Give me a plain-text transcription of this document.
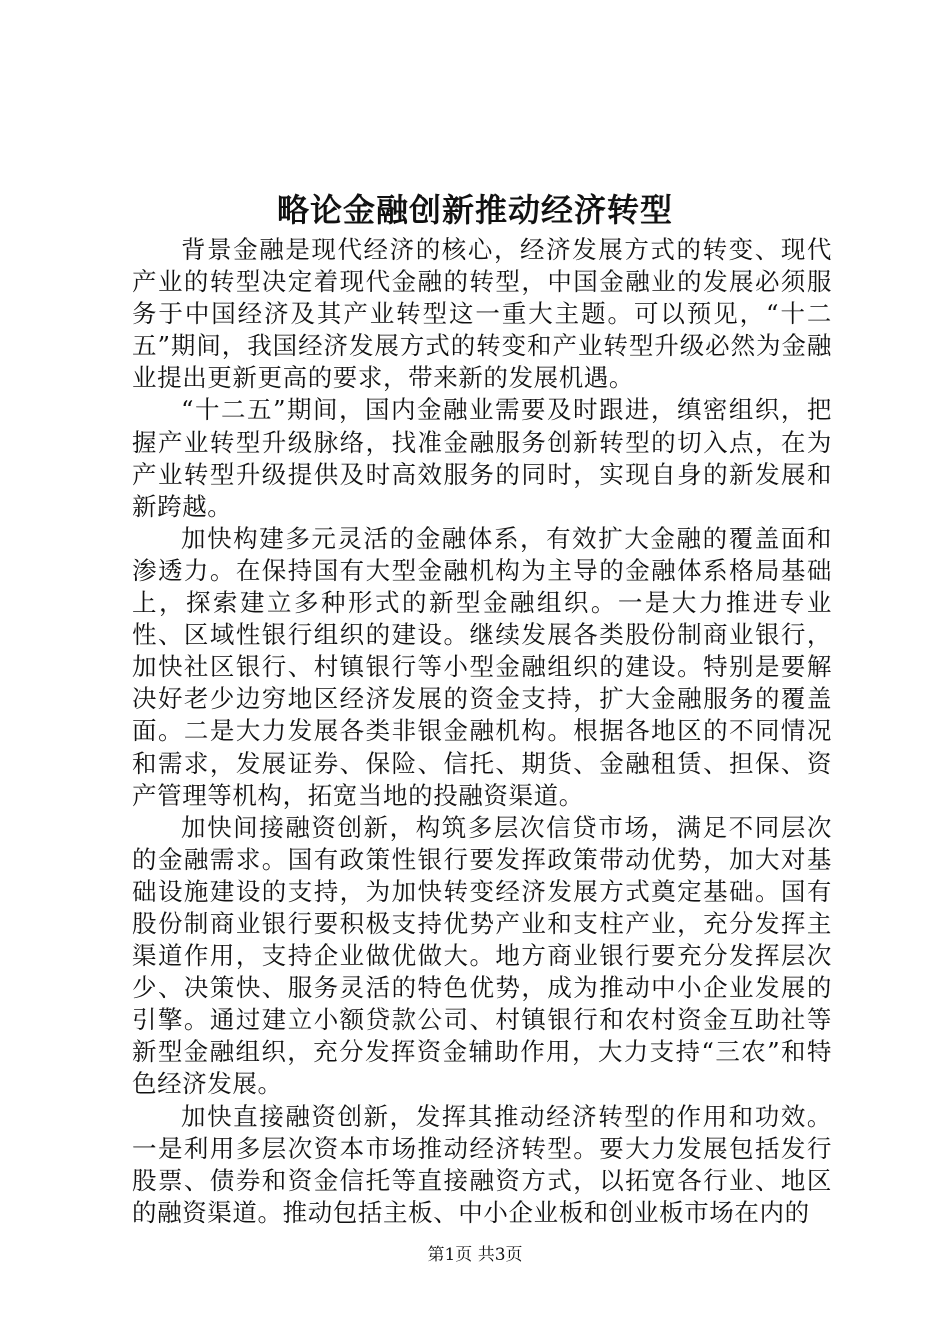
略论金融创新推动经济转型

背景金融是现代经济的核心，经济发展方式的转变、现代产业的转型决定着现代金融的转型，中国金融业的发展必须服务于中国经济及其产业转型这一重大主题。可以预见，“十二五”期间，我国经济发展方式的转变和产业转型升级必然为金融业提出更新更高的要求，带来新的发展机遇。

“十二五”期间，国内金融业需要及时跟进，缜密组织，把握产业转型升级脉络，找准金融服务创新转型的切入点，在为产业转型升级提供及时高效服务的同时，实现自身的新发展和新跨越。

加快构建多元灵活的金融体系，有效扩大金融的覆盖面和渗透力。在保持国有大型金融机构为主导的金融体系格局基础上，探索建立多种形式的新型金融组织。一是大力推进专业性、区域性银行组织的建设。继续发展各类股份制商业银行，加快社区银行、村镇银行等小型金融组织的建设。特别是要解决好老少边穷地区经济发展的资金支持，扩大金融服务的覆盖面。二是大力发展各类非银金融机构。根据各地区的不同情况和需求，发展证券、保险、信托、期货、金融租赁、担保、资产管理等机构，拓宽当地的投融资渠道。

加快间接融资创新，构筑多层次信贷市场，满足不同层次的金融需求。国有政策性银行要发挥政策带动优势，加大对基础设施建设的支持，为加快转变经济发展方式奠定基础。国有股份制商业银行要积极支持优势产业和支柱产业，充分发挥主渠道作用，支持企业做优做大。地方商业银行要充分发挥层次少、决策快、服务灵活的特色优势，成为推动中小企业发展的引擎。通过建立小额贷款公司、村镇银行和农村资金互助社等新型金融组织，充分发挥资金辅助作用，大力支持“三农”和特色经济发展。

加快直接融资创新，发挥其推动经济转型的作用和功效。一是利用多层次资本市场推动经济转型。要大力发展包括发行股票、债券和资金信托等直接融资方式，以拓宽各行业、地区的融资渠道。推动包括主板、中小企业板和创业板市场在内的

第1页 共3页
